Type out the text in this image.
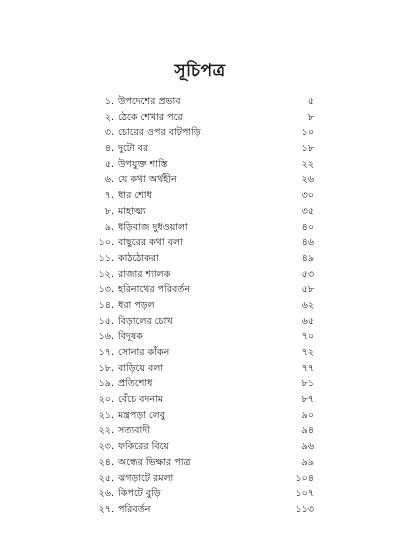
সূচিপত্র
১. উপদেশের প্রভাব	৫
২. ঠেকে শেখার পরে	৮
৩. চোরের ওপর বাটপাড়ি	১০
৪. দুটো বর	১৮
৫. উপযুক্ত শাস্তি	২২
৬. যে কথা অর্থহীন	২৬
৭. ধার শোধ	৩০
৮. মাহাত্ম্য	৩৫
৯. ধড়িবাজ দুধওয়ালা	৪০
১০. বাছুরের কথা বলা	৪৬
১১. কাঠঠোকরা	৪৯
১২. রাজার শ্যালক	৫৩
১৩. হরিনাথের পরিবর্তন	৫৮
১৪. ধরা পড়ল	৬২
১৫. বিড়ালের চোখ	৬৫
১৬. বিদূষক	৭০
১৭. সোনার কাঁকন	৭২
১৮. বাড়িয়ে বলা	৭৭
১৯. প্রতিশোধ	৮১
২০. বেঁচে বদনাম	৮৭
২১. মন্ত্রপড়া লেবু	৯০
২২. সত্যবাদী	৯৪
২৩. ফকিরের বিয়ে	৯৬
২৪. অন্ধের ভিক্ষার পাত্র	৯৯
২৫. ঝগড়াটে রমলা	১০৪
২৬. কিপটে বুড়ি	১০৭
২৭. পরিবর্তন	১১৩
